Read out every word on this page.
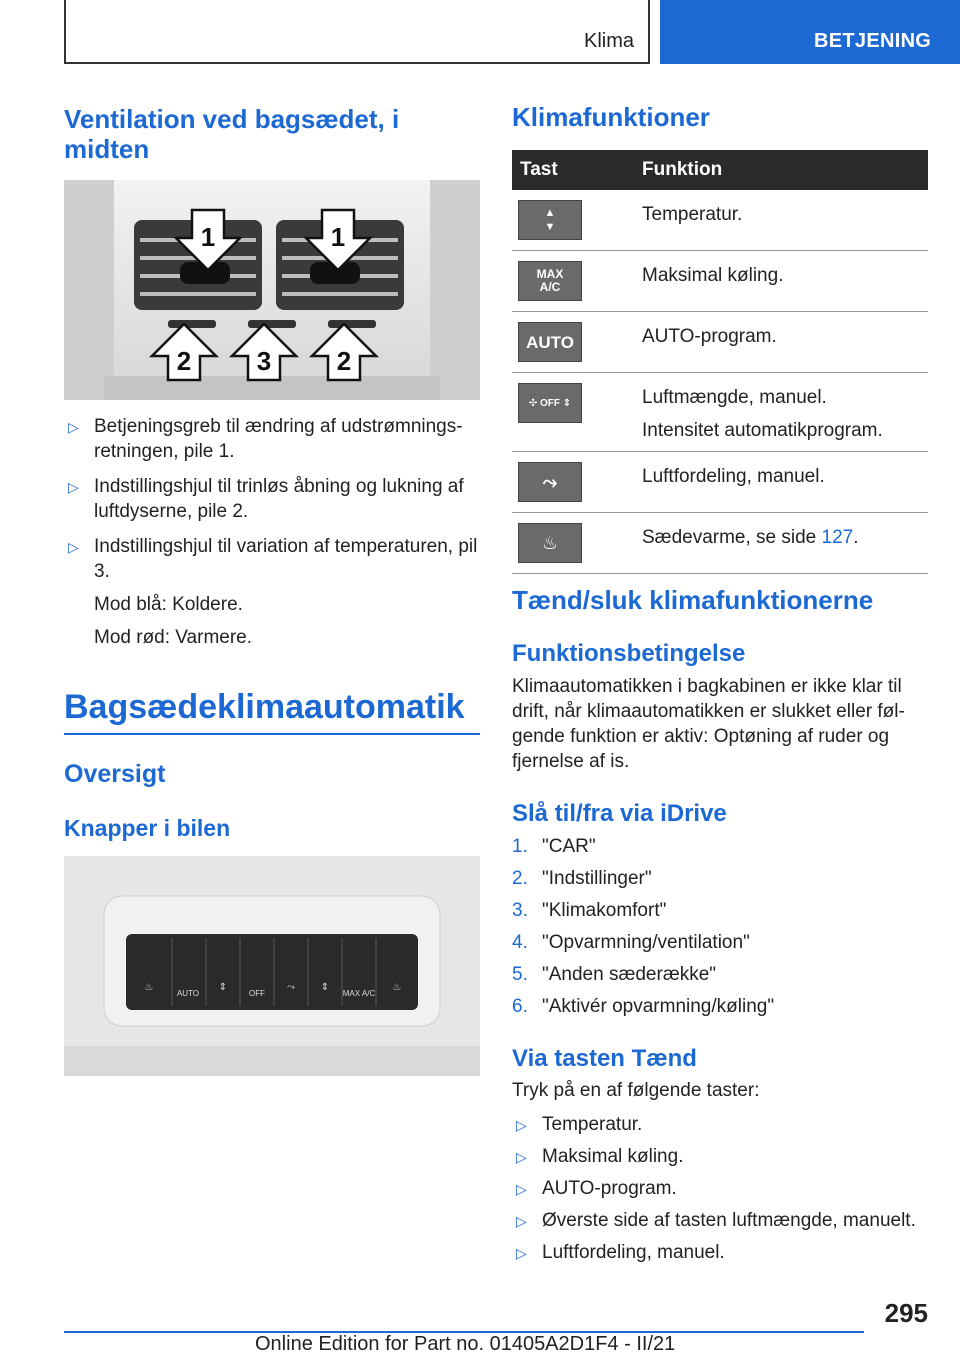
Klima	BETJENING
Ventilation ved bagsædet, i midten
1	1
2	3	2
▷ Betjeningsgreb til ændring af udstrømningsretningen, pile 1.
▷ Indstillingshjul til trinløs åbning og lukning af luftdyserne, pile 2.
▷ Indstillingshjul til variation af temperaturen, pil 3.
Mod blå: Koldere.
Mod rød: Varmere.
Bagsædeklimaautomatik
Oversigt
Knapper i bilen
AUTO	OFF	MAX A/C
♨	⇕	⤳	⇕	♨
Klimafunktioner
Tast	Funktion

▲
▼	Temperatur.

MAX
A/C	Maksimal køling.

AUTO	AUTO-program.

✣ OFF ⇕	Luftmængde, manuel.
Intensitet automatikprogram.

⤳	Luftfordeling, manuel.

♨	Sædevarme, se side 127.
Tænd/sluk klimafunktionerne
Funktionsbetingelse

Klimaautomatikken i bagkabinen er ikke klar til drift, når klimaautomatikken er slukket eller følgende funktion er aktiv: Optøning af ruder og fjernelse af is.

Slå til/fra via iDrive
1. "CAR"
2. "Indstillinger"
3. "Klimakomfort"
4. "Opvarmning/ventilation"
5. "Anden sæderække"
6. "Aktivér opvarmning/køling"
Via tasten Tænd

Tryk på en af følgende taster:

▷ Temperatur.
▷ Maksimal køling.
▷ AUTO-program.
▷ Øverste side af tasten luftmængde, manuelt.
▷ Luftfordeling, manuel.
295
Online Edition for Part no. 01405A2D1F4 - II/21
